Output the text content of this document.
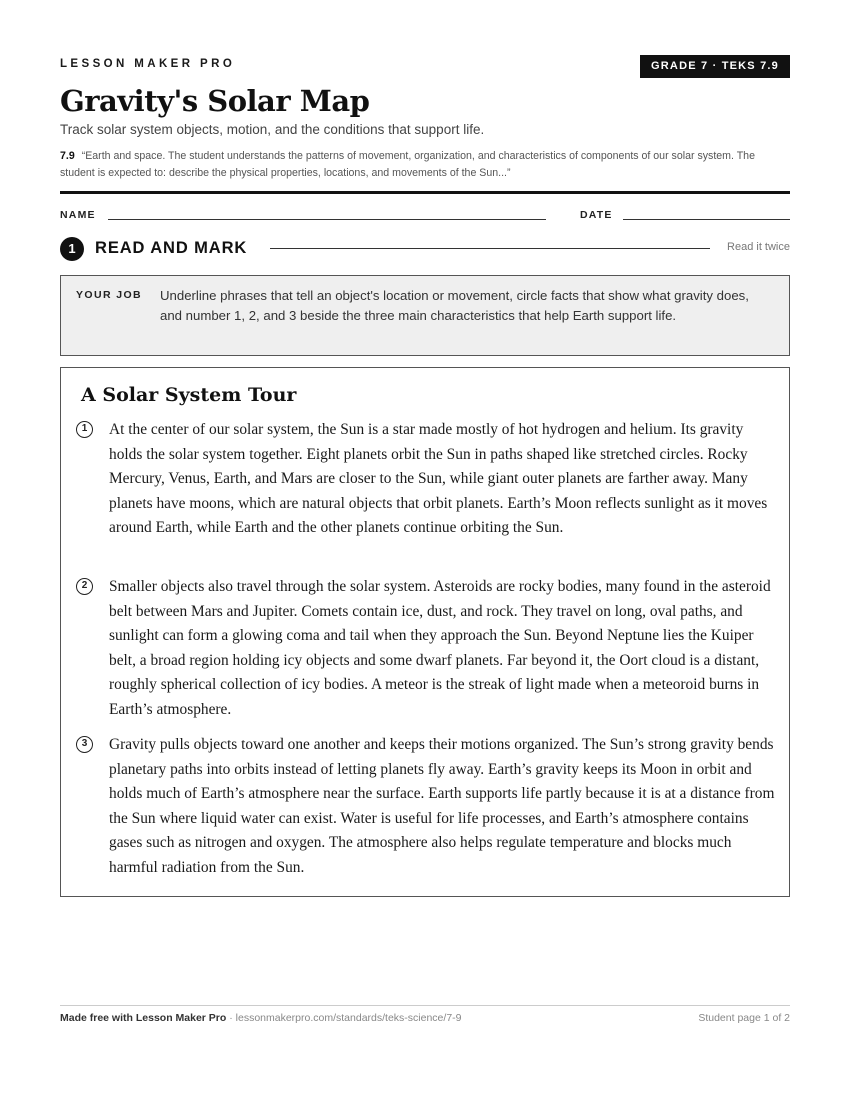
LESSON MAKER PRO	GRADE 7 · TEKS 7.9
Gravity's Solar Map
Track solar system objects, motion, and the conditions that support life.
7.9 “Earth and space. The student understands the patterns of movement, organization, and characteristics of components of our solar system. The student is expected to: describe the physical properties, locations, and movements of the Sun...”
NAME	DATE
1	READ AND MARK	Read it twice
YOUR JOB Underline phrases that tell an object's location or movement, circle facts that show what gravity does, and number 1, 2, and 3 beside the three main characteristics that help Earth support life.
A Solar System Tour
1	At the center of our solar system, the Sun is a star made mostly of hot hydrogen and helium. Its gravity holds the solar system together. Eight planets orbit the Sun in paths shaped like stretched circles. Rocky Mercury, Venus, Earth, and Mars are closer to the Sun, while giant outer planets are farther away. Many planets have moons, which are natural objects that orbit planets. Earth’s Moon reflects sunlight as it moves around Earth, while Earth and the other planets continue orbiting the Sun.

2	Smaller objects also travel through the solar system. Asteroids are rocky bodies, many found in the asteroid belt between Mars and Jupiter. Comets contain ice, dust, and rock. They travel on long, oval paths, and sunlight can form a glowing coma and tail when they approach the Sun. Beyond Neptune lies the Kuiper belt, a broad region holding icy objects and some dwarf planets. Far beyond it, the Oort cloud is a distant, roughly spherical collection of icy bodies. A meteor is the streak of light made when a meteoroid burns in Earth’s atmosphere.

3	Gravity pulls objects toward one another and keeps their motions organized. The Sun’s strong gravity bends planetary paths into orbits instead of letting planets fly away. Earth’s gravity keeps its Moon in orbit and holds much of Earth’s atmosphere near the surface. Earth supports life partly because it is at a distance from the Sun where liquid water can exist. Water is useful for life processes, and Earth’s atmosphere contains gases such as nitrogen and oxygen. The atmosphere also helps regulate temperature and blocks much harmful radiation from the Sun.

Made free with Lesson Maker Pro · lessonmakerpro.com/standards/teks-science/7-9	Student page 1 of 2
